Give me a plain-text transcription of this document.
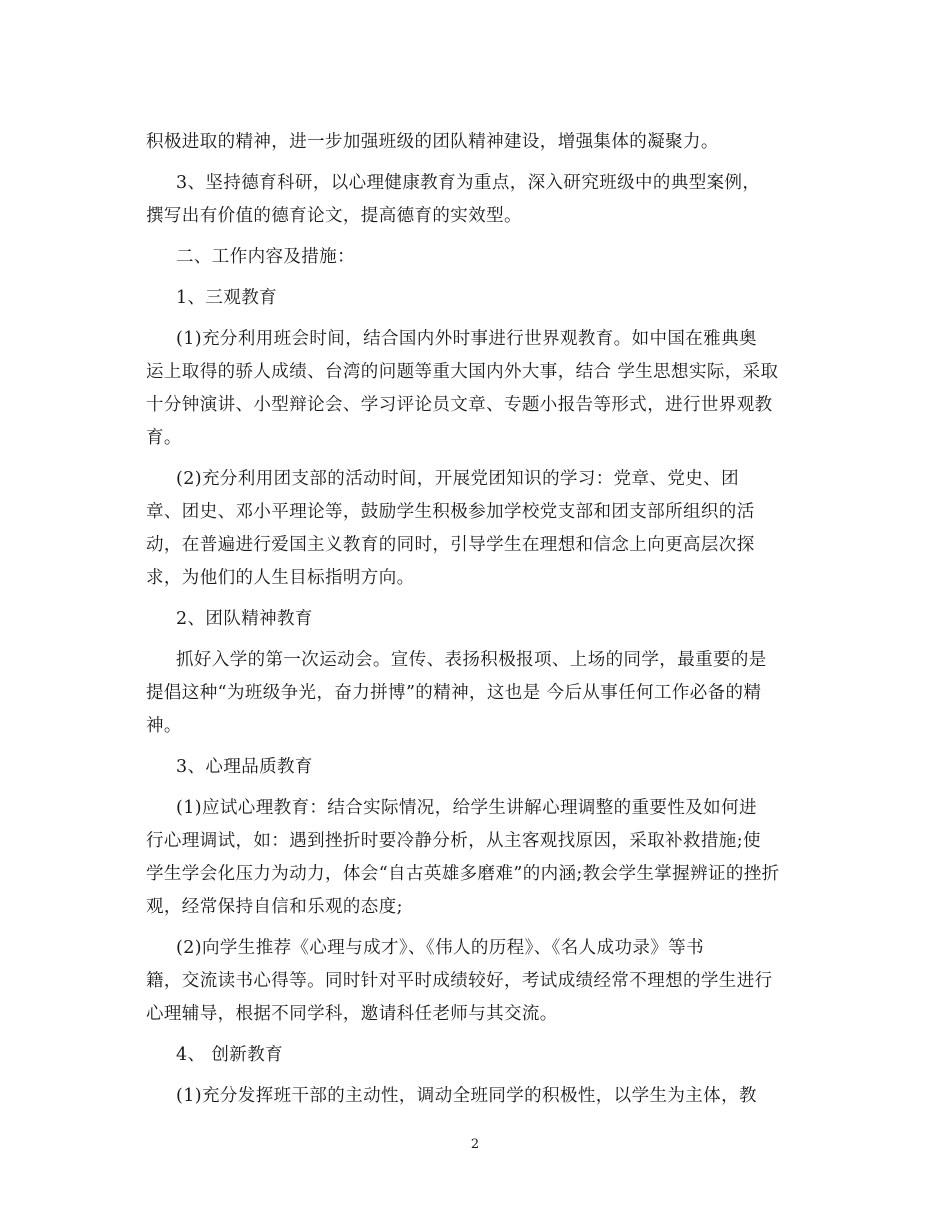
积极进取的精神，进一步加强班级的团队精神建设，增强集体的凝聚力。
3、坚持德育科研，以心理健康教育为重点，深入研究班级中的典型案例，
撰写出有价值的德育论文，提高德育的实效型。
二、工作内容及措施：
1、三观教育
(1)充分利用班会时间，结合国内外时事进行世界观教育。如中国在雅典奥
运上取得的骄人成绩、台湾的问题等重大国内外大事，结合 学生思想实际，采取
十分钟演讲、小型辩论会、学习评论员文章、专题小报告等形式，进行世界观教
育。
(2)充分利用团支部的活动时间，开展党团知识的学习：党章、党史、团
章、团史、邓小平理论等，鼓励学生积极参加学校党支部和团支部所组织的活
动，在普遍进行爱国主义教育的同时，引导学生在理想和信念上向更高层次探
求，为他们的人生目标指明方向。
2、团队精神教育
抓好入学的第一次运动会。宣传、表扬积极报项、上场的同学，最重要的是
提倡这种“为班级争光，奋力拼博”的精神，这也是 今后从事任何工作必备的精
神。
3、心理品质教育
(1)应试心理教育：结合实际情况，给学生讲解心理调整的重要性及如何进
行心理调试，如：遇到挫折时要冷静分析，从主客观找原因，采取补救措施;使
学生学会化压力为动力，体会“自古英雄多磨难”的内涵;教会学生掌握辨证的挫折
观，经常保持自信和乐观的态度;
(2)向学生推荐《心理与成才》、《伟人的历程》、《名人成功录》等书
籍，交流读书心得等。同时针对平时成绩较好，考试成绩经常不理想的学生进行
心理辅导，根据不同学科，邀请科任老师与其交流。
4、 创新教育
(1)充分发挥班干部的主动性，调动全班同学的积极性，以学生为主体，教
2
